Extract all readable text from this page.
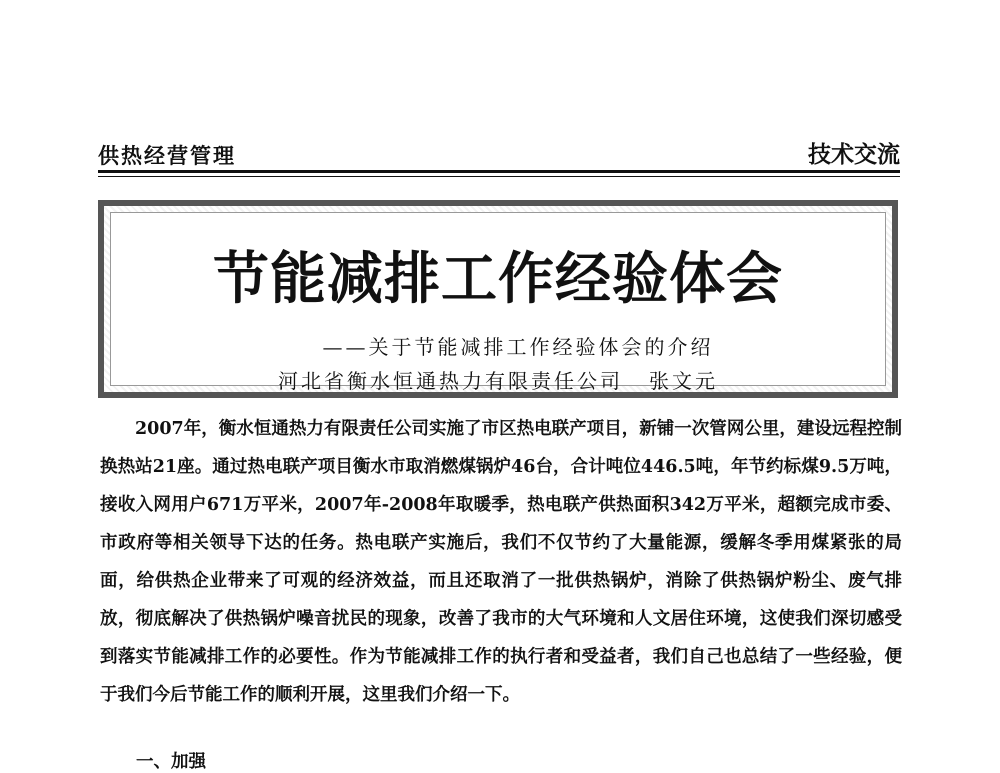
供热经营管理	技术交流
节能减排工作经验体会
——关于节能减排工作经验体会的介绍
河北省衡水恒通热力有限责任公司 张文元

2007年，衡水恒通热力有限责任公司实施了市区热电联产项目，新铺一次管网公里，建设远程控制换热站21座。通过热电联产项目衡水市取消燃煤锅炉46台，合计吨位446.5吨，年节约标煤9.5万吨，接收入网用户671万平米，2007年-2008年取暖季，热电联产供热面积342万平米，超额完成市委、市政府等相关领导下达的任务。热电联产实施后，我们不仅节约了大量能源，缓解冬季用煤紧张的局面，给供热企业带来了可观的经济效益，而且还取消了一批供热锅炉，消除了供热锅炉粉尘、废气排放，彻底解决了供热锅炉噪音扰民的现象，改善了我市的大气环境和人文居住环境，这使我们深切感受到落实节能减排工作的必要性。作为节能减排工作的执行者和受益者，我们自己也总结了一些经验，便于我们今后节能工作的顺利开展，这里我们介绍一下。

一、加强
